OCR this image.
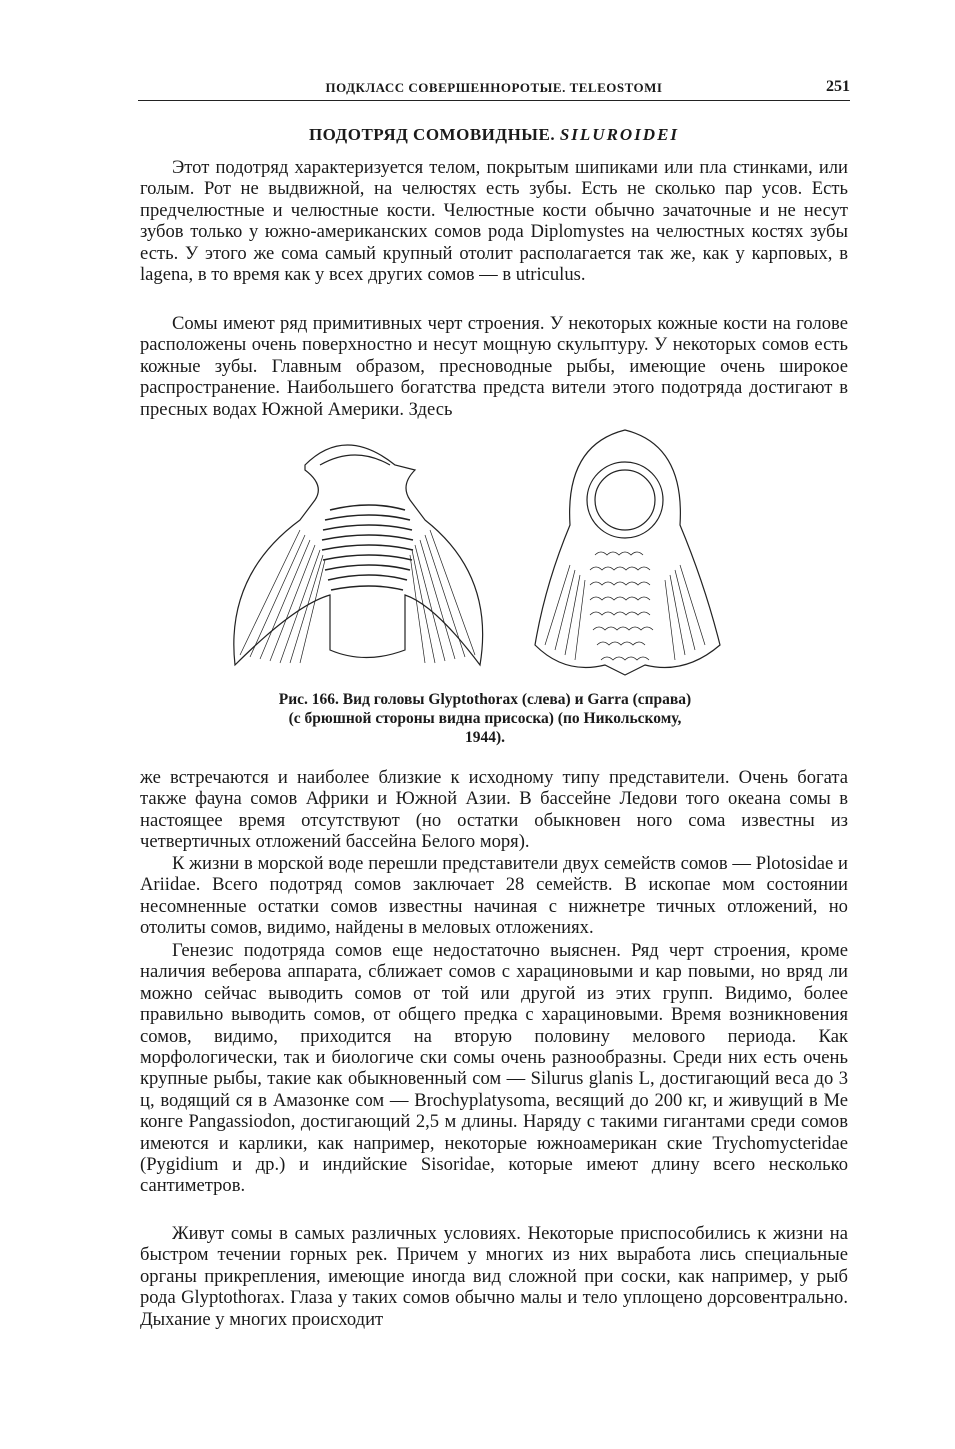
ПОДКЛАСС СОВЕРШЕННОРОТЫЕ. TELEOSTOMI	251
ПОДОТРЯД СОМОВИДНЫЕ. SILUROIDEI
Этот подотряд характеризуется телом, покрытым шипиками или пла стинками, или голым. Рот не выдвижной, на челюстях есть зубы. Есть не сколько пар усов. Есть предчелюстные и челюстные кости. Челюстные кости обычно зачаточные и не несут зубов только у южно-американских сомов рода Diplomystes на челюстных костях зубы есть. У этого же сома самый крупный отолит располагается так же, как у карповых, в lagena, в то время как у всех других сомов — в utriculus.
Сомы имеют ряд примитивных черт строения. У некоторых кожные кости на голове расположены очень поверхностно и несут мощную скульптуру. У некоторых сомов есть кожные зубы. Главным образом, пресноводные рыбы, имеющие очень широкое распространение. Наибольшего богатства предста вители этого подотряда достигают в пресных водах Южной Америки. Здесь
Рис. 166. Вид головы Glyptothorax (слева) и Garra (справа)
(с брюшной стороны видна присоска) (по Никольскому,
1944).
же встречаются и наиболее близкие к исходному типу представители. Очень богата также фауна сомов Африки и Южной Азии. В бассейне Ледови того океана сомы в настоящее время отсутствуют (но остатки обыкновен ного сома известны из четвертичных отложений бассейна Белого моря).
К жизни в морской воде перешли представители двух семейств сомов — Plotosidae и Ariidae. Всего подотряд сомов заключает 28 семейств. В ископае мом состоянии несомненные остатки сомов известны начиная с нижнетре тичных отложений, но отолиты сомов, видимо, найдены в меловых отложениях.
Генезис подотряда сомов еще недостаточно выяснен. Ряд черт строения, кроме наличия веберова аппарата, сближает сомов с харациновыми и кар повыми, но вряд ли можно сейчас выводить сомов от той или другой из этих групп. Видимо, более правильно выводить сомов, от общего предка с харациновыми. Время возникновения сомов, видимо, приходится на вторую половину мелового периода. Как морфологически, так и биологиче ски сомы очень разнообразны. Среди них есть очень крупные рыбы, такие как обыкновенный сом — Silurus glanis L, достигающий веса до 3 ц, водящий ся в Амазонке сом — Brochyplatysoma, весящий до 200 кг, и живущий в Ме конге Pangassiodon, достигающий 2,5 м длины. Наряду с такими гигантами среди сомов имеются и карлики, как например, некоторые южноамерикан ские Trychomycteridae (Pygidium и др.) и индийские Sisoridae, которые имеют длину всего несколько сантиметров.
Живут сомы в самых различных условиях. Некоторые приспособились к жизни на быстром течении горных рек. Причем у многих из них выработа лись специальные органы прикрепления, имеющие иногда вид сложной при соски, как например, у рыб рода Glyptothorax. Глаза у таких сомов обычно малы и тело уплощено дорсовентрально. Дыхание у многих происходит
